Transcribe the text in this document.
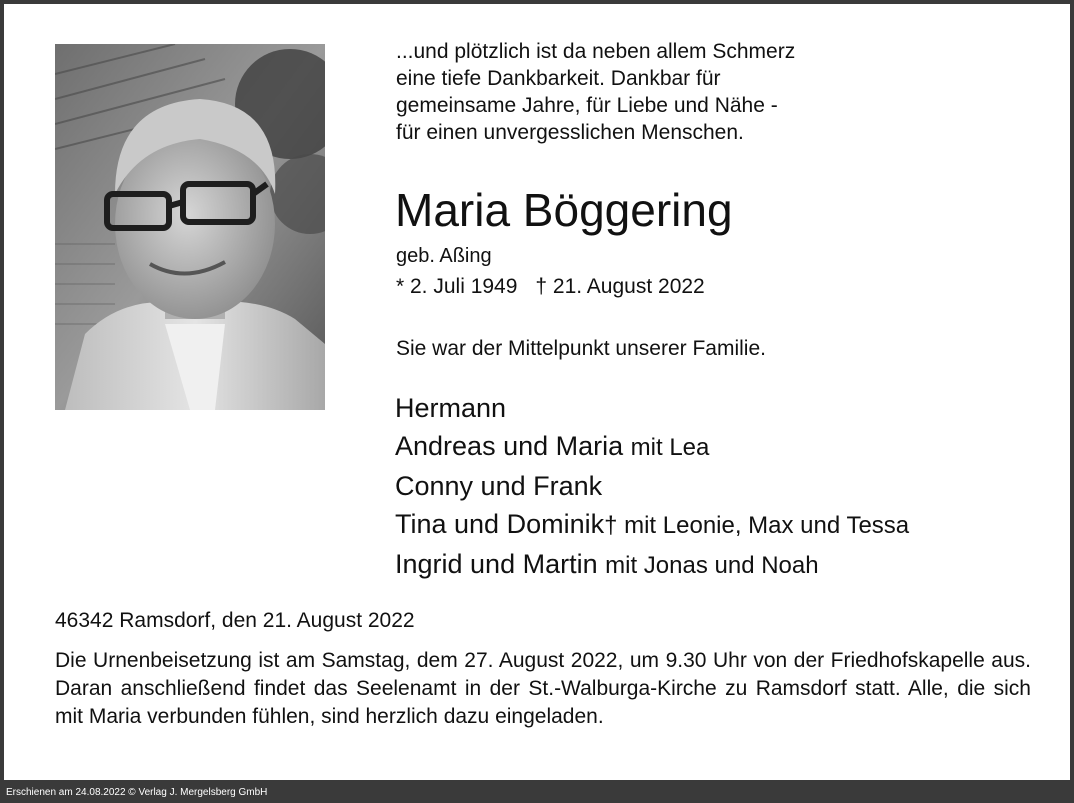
...und plötzlich ist da neben allem Schmerz
eine tiefe Dankbarkeit. Dankbar für
gemeinsame Jahre, für Liebe und Nähe -
für einen unvergesslichen Menschen.
Maria Böggering
geb. Aßing
* 2. Juli 1949 † 21. August 2022
Sie war der Mittelpunkt unserer Familie.
Hermann
Andreas und Maria mit Lea
Conny und Frank
Tina und Dominik† mit Leonie, Max und Tessa
Ingrid und Martin mit Jonas und Noah
46342 Ramsdorf, den 21. August 2022
Die Urnenbeisetzung ist am Samstag, dem 27. August 2022, um 9.30 Uhr von der Friedhofskapelle aus. Daran anschließend findet das Seelenamt in der St.-Walburga-Kirche zu Ramsdorf statt. Alle, die sich mit Maria verbunden fühlen, sind herzlich dazu eingeladen.
Erschienen am 24.08.2022 © Verlag J. Mergelsberg GmbH
